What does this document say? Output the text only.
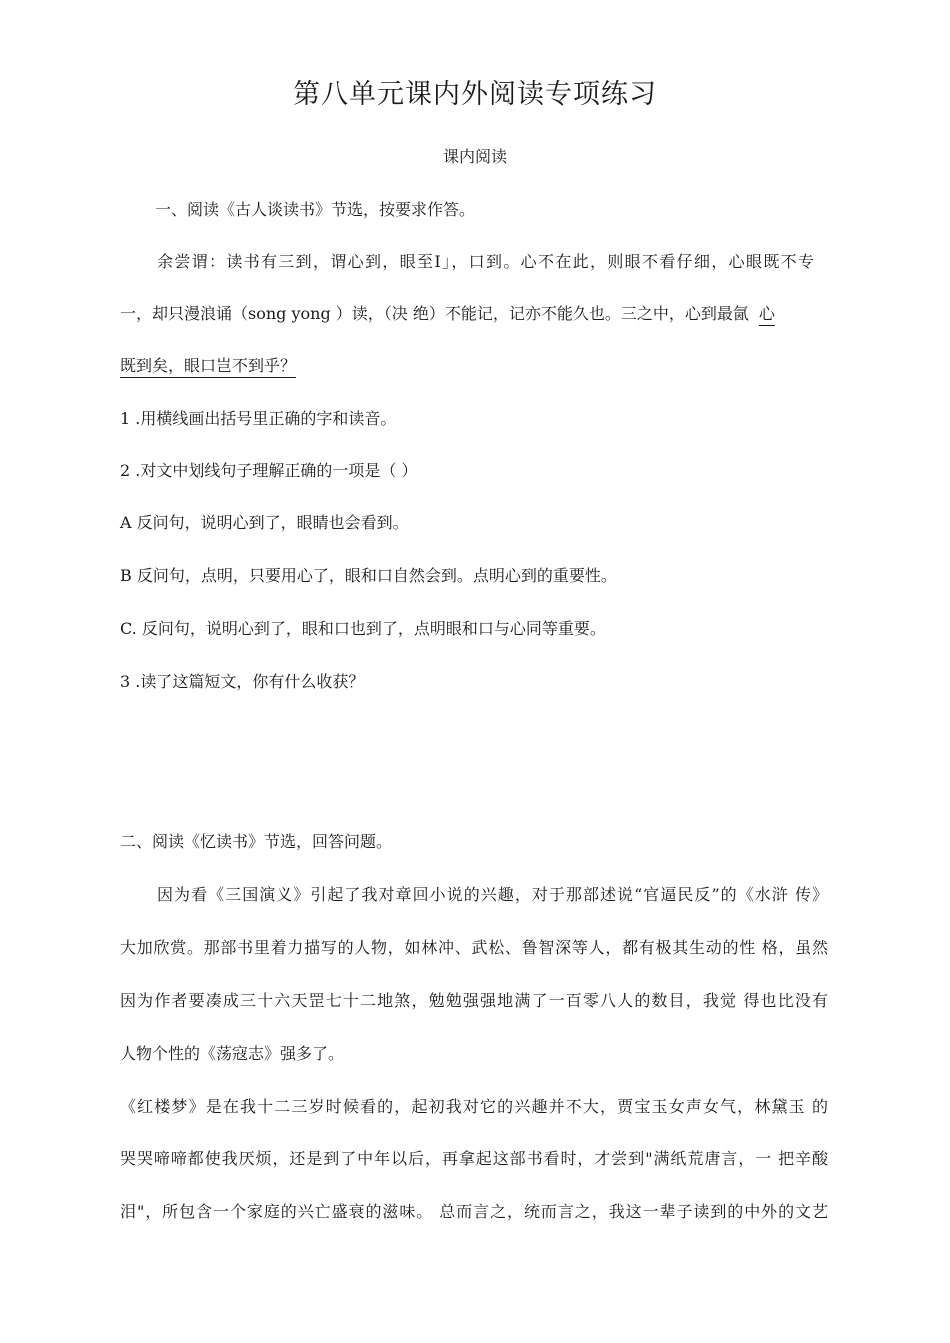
第八单元课内外阅读专项练习
课内阅读
一、阅读《古人谈读书》节选，按要求作答。
余尝谓：读书有三到，谓心到，眼至I」，口到。心不在此，则眼不看仔细，心眼既不专
一，却只漫浪诵（song yong ）读，（决 绝）不能记，记亦不能久也。三之中，心到最氤 心
既到矣，眼口岂不到乎？
1 .用横线画出括号里正确的字和读音。
2 .对文中划线句子理解正确的一项是（ ）
A 反问句，说明心到了，眼睛也会看到。
B 反问句，点明，只要用心了，眼和口自然会到。点明心到的重要性。
C. 反问句，说明心到了，眼和口也到了，点明眼和口与心同等重要。
3 .读了这篇短文，你有什么收获？
二、阅读《忆读书》节选，回答问题。
因为看《三国演义》引起了我对章回小说的兴趣，对于那部述说“官逼民反”的《水浒 传》
大加欣赏。那部书里着力描写的人物，如林冲、武松、鲁智深等人，都有极其生动的性 格，虽然
因为作者要凑成三十六天罡七十二地煞，勉勉强强地满了一百零八人的数目，我觉 得也比没有
人物个性的《荡寇志》强多了。
《红楼梦》是在我十二三岁时候看的，起初我对它的兴趣并不大，贾宝玉女声女气，林黛玉 的
哭哭啼啼都使我厌烦，还是到了中年以后，再拿起这部书看时，才尝到"满纸荒唐言，一 把辛酸
泪"，所包含一个家庭的兴亡盛衰的滋味。 总而言之，统而言之，我这一辈子读到的中外的文艺
